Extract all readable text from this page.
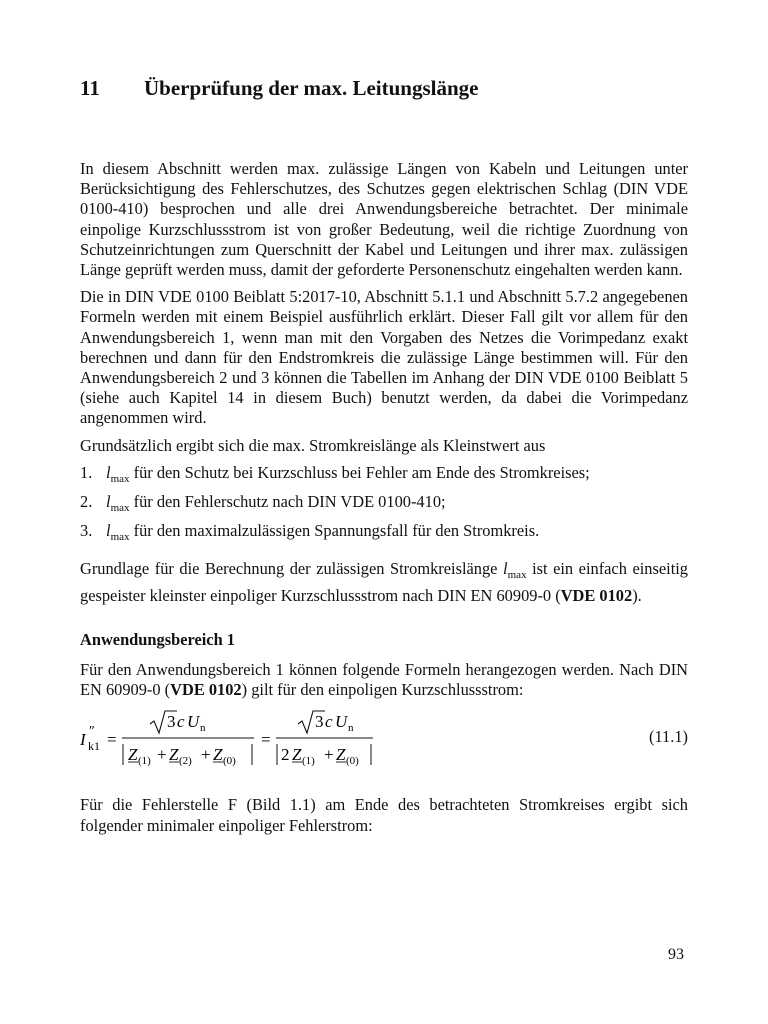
11 Überprüfung der max. Leitungslänge

In diesem Abschnitt werden max. zulässige Längen von Kabeln und Leitungen unter Berücksichtigung des Fehlerschutzes, des Schutzes gegen elektrischen Schlag (DIN VDE 0100-410) besprochen und alle drei Anwendungsbereiche betrachtet. Der minimale einpolige Kurzschlussstrom ist von großer Bedeutung, weil die richtige Zuordnung von Schutzeinrichtungen zum Querschnitt der Kabel und Leitungen und ihrer max. zulässigen Länge geprüft werden muss, damit der geforderte Personenschutz eingehalten werden kann.

Die in DIN VDE 0100 Beiblatt 5:2017-10, Abschnitt 5.1.1 und Abschnitt 5.7.2 angegebenen Formeln werden mit einem Beispiel ausführlich erklärt. Dieser Fall gilt vor allem für den Anwendungsbereich 1, wenn man mit den Vorgaben des Netzes die Vorimpedanz exakt berechnen und dann für den Endstromkreis die zulässige Länge bestimmen will. Für den Anwendungsbereich 2 und 3 können die Tabellen im Anhang der DIN VDE 0100 Beiblatt 5 (siehe auch Kapitel 14 in diesem Buch) benutzt werden, da dabei die Vorimpedanz angenommen wird.

Grundsätzlich ergibt sich die max. Stromkreislänge als Kleinstwert aus

1. $l_{max}$ für den Schutz bei Kurzschluss bei Fehler am Ende des Stromkreises;
2. $l_{max}$ für den Fehlerschutz nach DIN VDE 0100-410;
3. $l_{max}$ für den maximalzulässigen Spannungsfall für den Stromkreis.

Grundlage für die Berechnung der zulässigen Stromkreislänge $l_{max}$ ist ein einfach einseitig gespeister kleinster einpoliger Kurzschlussstrom nach DIN EN 60909-0 (VDE 0102).

Anwendungsbereich 1

Für den Anwendungsbereich 1 können folgende Formeln herangezogen werden. Nach DIN EN 60909-0 (VDE 0102) gilt für den einpoligen Kurzschlussstrom:

I ″
k1 =
3 c U n
Z (1) + Z (2) + Z (0)
=
3 c U n
2 Z (1) + Z (0)
(11.1)

Für die Fehlerstelle F (Bild 1.1) am Ende des betrachteten Stromkreises ergibt sich folgender minimaler einpoliger Fehlerstrom:

93
